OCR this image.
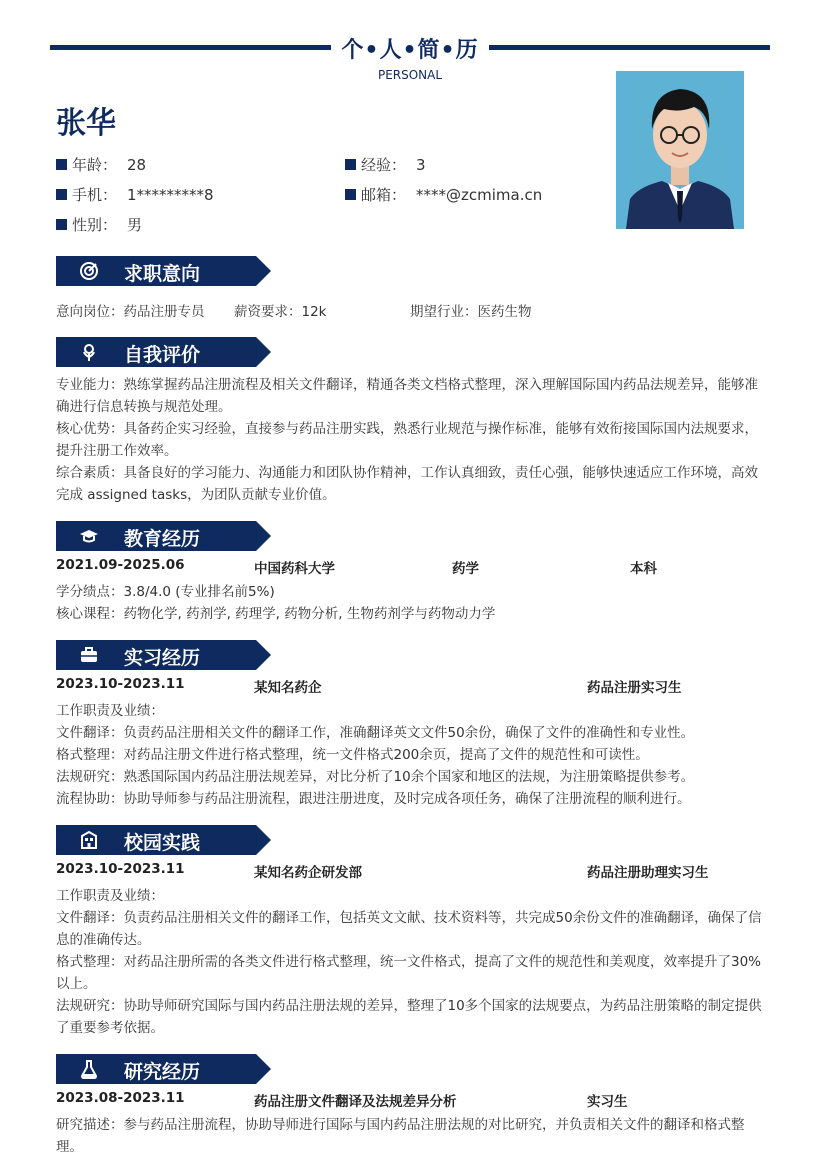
个•人•简•历
PERSONAL
张华
年龄： 28	经验： 3
手机： 1*********8	邮箱： ****@zcmima.cn
性别： 男
求职意向
意向岗位：药品注册专员 薪资要求：12k	期望行业：医药生物
自我评价
专业能力：熟练掌握药品注册流程及相关文件翻译，精通各类文档格式整理，深入理解国际国内药品法规差异，能够准确进行信息转换与规范处理。
核心优势：具备药企实习经验，直接参与药品注册实践，熟悉行业规范与操作标准，能够有效衔接国际国内法规要求，提升注册工作效率。
综合素质：具备良好的学习能力、沟通能力和团队协作精神，工作认真细致，责任心强，能够快速适应工作环境，高效完成 assigned tasks，为团队贡献专业价值。
教育经历
2021.09-2025.06	中国药科大学	药学	本科
学分绩点：3.8/4.0 (专业排名前5%)
核心课程：药物化学, 药剂学, 药理学, 药物分析, 生物药剂学与药物动力学
实习经历
2023.10-2023.11	某知名药企	药品注册实习生
工作职责及业绩：
文件翻译：负责药品注册相关文件的翻译工作，准确翻译英文文件50余份，确保了文件的准确性和专业性。
格式整理：对药品注册文件进行格式整理，统一文件格式200余页，提高了文件的规范性和可读性。
法规研究：熟悉国际国内药品注册法规差异，对比分析了10余个国家和地区的法规，为注册策略提供参考。
流程协助：协助导师参与药品注册流程，跟进注册进度，及时完成各项任务，确保了注册流程的顺利进行。
校园实践
2023.10-2023.11	某知名药企研发部	药品注册助理实习生
工作职责及业绩：
文件翻译：负责药品注册相关文件的翻译工作，包括英文文献、技术资料等，共完成50余份文件的准确翻译，确保了信息的准确传达。
格式整理：对药品注册所需的各类文件进行格式整理，统一文件格式，提高了文件的规范性和美观度，效率提升了30%以上。
法规研究：协助导师研究国际与国内药品注册法规的差异，整理了10多个国家的法规要点，为药品注册策略的制定提供了重要参考依据。
研究经历
2023.08-2023.11	药品注册文件翻译及法规差异分析	实习生
研究描述：参与药品注册流程，协助导师进行国际与国内药品注册法规的对比研究，并负责相关文件的翻译和格式整理。
